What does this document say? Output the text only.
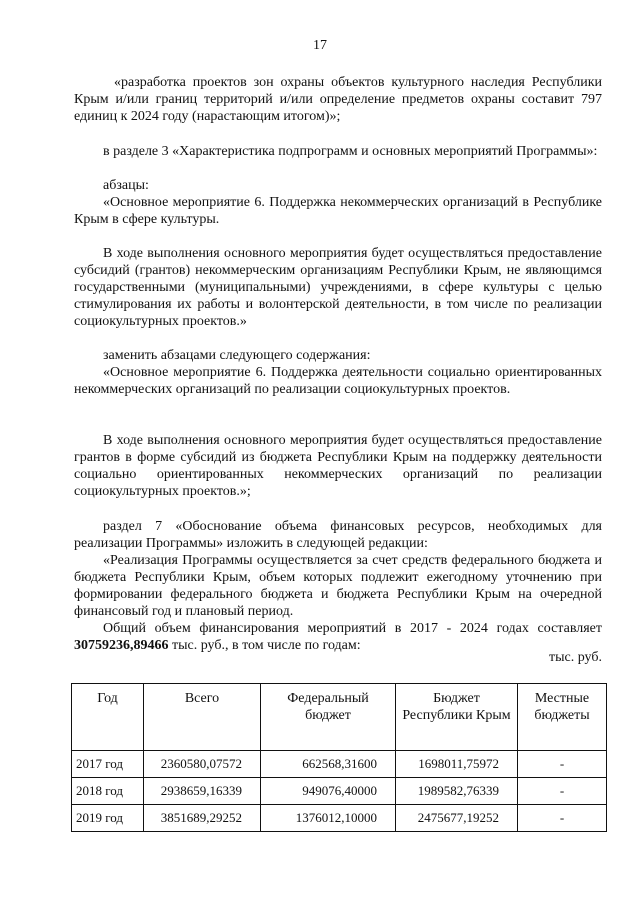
17

«разработка проектов зон охраны объектов культурного наследия Республики Крым и/или границ территорий и/или определение предметов охраны составит 797 единиц к 2024 году (нарастающим итогом)»;

в разделе 3 «Характеристика подпрограмм и основных мероприятий Программы»:

абзацы:

«Основное мероприятие 6. Поддержка некоммерческих организаций в Республике Крым в сфере культуры.

В ходе выполнения основного мероприятия будет осуществляться предоставление субсидий (грантов) некоммерческим организациям Республики Крым, не являющимся государственными (муниципальными) учреждениями, в сфере культуры с целью стимулирования их работы и волонтерской деятельности, в том числе по реализации социокультурных проектов.»

заменить абзацами следующего содержания:

«Основное мероприятие 6. Поддержка деятельности социально ориентированных некоммерческих организаций по реализации социокультурных проектов.

В ходе выполнения основного мероприятия будет осуществляться предоставление грантов в форме субсидий из бюджета Республики Крым на поддержку деятельности социально ориентированных некоммерческих организаций по реализации социокультурных проектов.»;

раздел 7 «Обоснование объема финансовых ресурсов, необходимых для реализации Программы» изложить в следующей редакции:

«Реализация Программы осуществляется за счет средств федерального бюджета и бюджета Республики Крым, объем которых подлежит ежегодному уточнению при формировании федерального бюджета и бюджета Республики Крым на очередной финансовый год и плановый период.

Общий объем финансирования мероприятий в 2017 - 2024 годах составляет 30759236,89466 тыс. руб., в том числе по годам:

тыс. руб.
Год	Всего	Федеральный бюджет	Бюджет Республики Крым	Местные бюджеты
2017 год	2360580,07572	662568,31600	1698011,75972	-
2018 год	2938659,16339	949076,40000	1989582,76339	-
2019 год	3851689,29252	1376012,10000	2475677,19252	-
